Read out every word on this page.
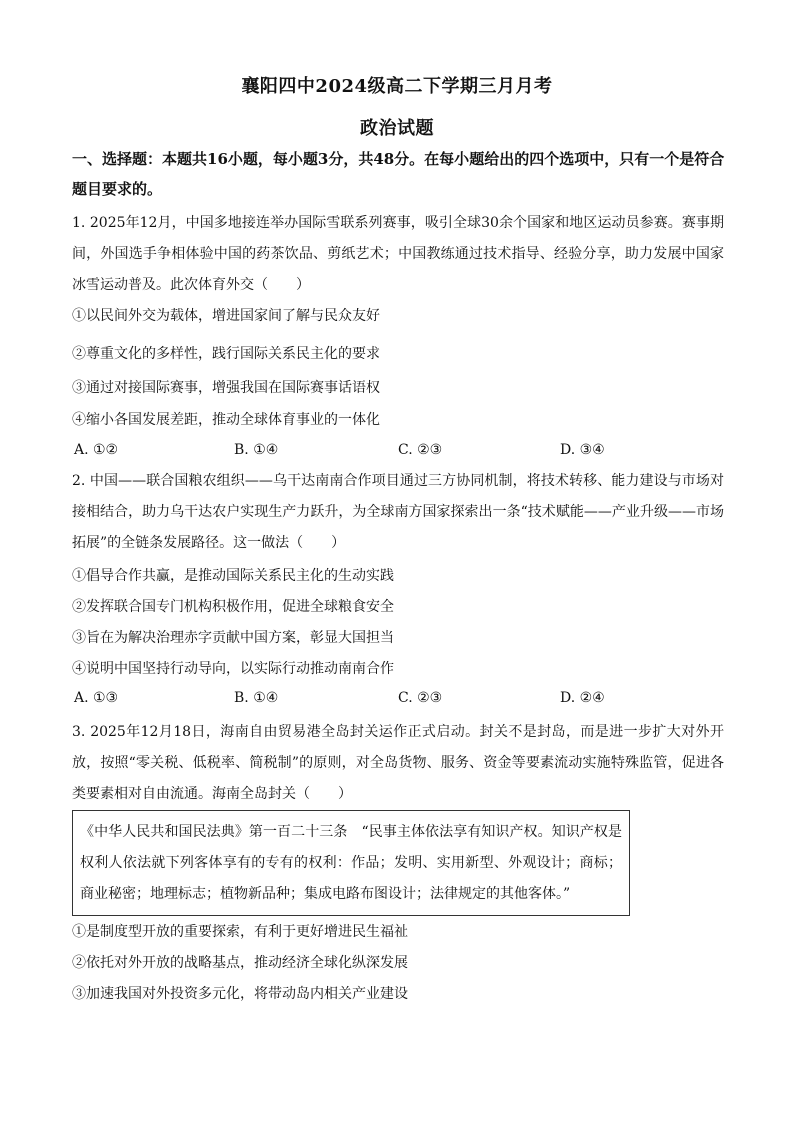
襄阳四中2024级高二下学期三月月考
政治试题
一、选择题：本题共16小题，每小题3分，共48分。在每小题给出的四个选项中，只有一个是符合题目要求的。
1. 2025年12月，中国多地接连举办国际雪联系列赛事，吸引全球30余个国家和地区运动员参赛。赛事期间，外国选手争相体验中国的药茶饮品、剪纸艺术；中国教练通过技术指导、经验分享，助力发展中国家冰雪运动普及。此次体育外交（　　）
①以民间外交为载体，增进国家间了解与民众友好
②尊重文化的多样性，践行国际关系民主化的要求
③通过对接国际赛事，增强我国在国际赛事话语权
④缩小各国发展差距，推动全球体育事业的一体化
A. ①②	B. ①④	C. ②③	D. ③④
2. 中国——联合国粮农组织——乌干达南南合作项目通过三方协同机制，将技术转移、能力建设与市场对接相结合，助力乌干达农户实现生产力跃升，为全球南方国家探索出一条“技术赋能——产业升级——市场拓展”的全链条发展路径。这一做法（　　）
①倡导合作共赢，是推动国际关系民主化的生动实践
②发挥联合国专门机构积极作用，促进全球粮食安全
③旨在为解决治理赤字贡献中国方案，彰显大国担当
④说明中国坚持行动导向，以实际行动推动南南合作
A. ①③	B. ①④	C. ②③	D. ②④
3. 2025年12月18日，海南自由贸易港全岛封关运作正式启动。封关不是封岛，而是进一步扩大对外开放，按照“零关税、低税率、简税制”的原则，对全岛货物、服务、资金等要素流动实施特殊监管，促进各类要素相对自由流通。海南全岛封关（　　）
《中华人民共和国民法典》第一百二十三条　“民事主体依法享有知识产权。知识产权是权利人依法就下列客体享有的专有的权利：作品；发明、实用新型、外观设计；商标；商业秘密；地理标志；植物新品种；集成电路布图设计；法律规定的其他客体。”
①是制度型开放的重要探索，有利于更好增进民生福祉
②依托对外开放的战略基点，推动经济全球化纵深发展
③加速我国对外投资多元化，将带动岛内相关产业建设
